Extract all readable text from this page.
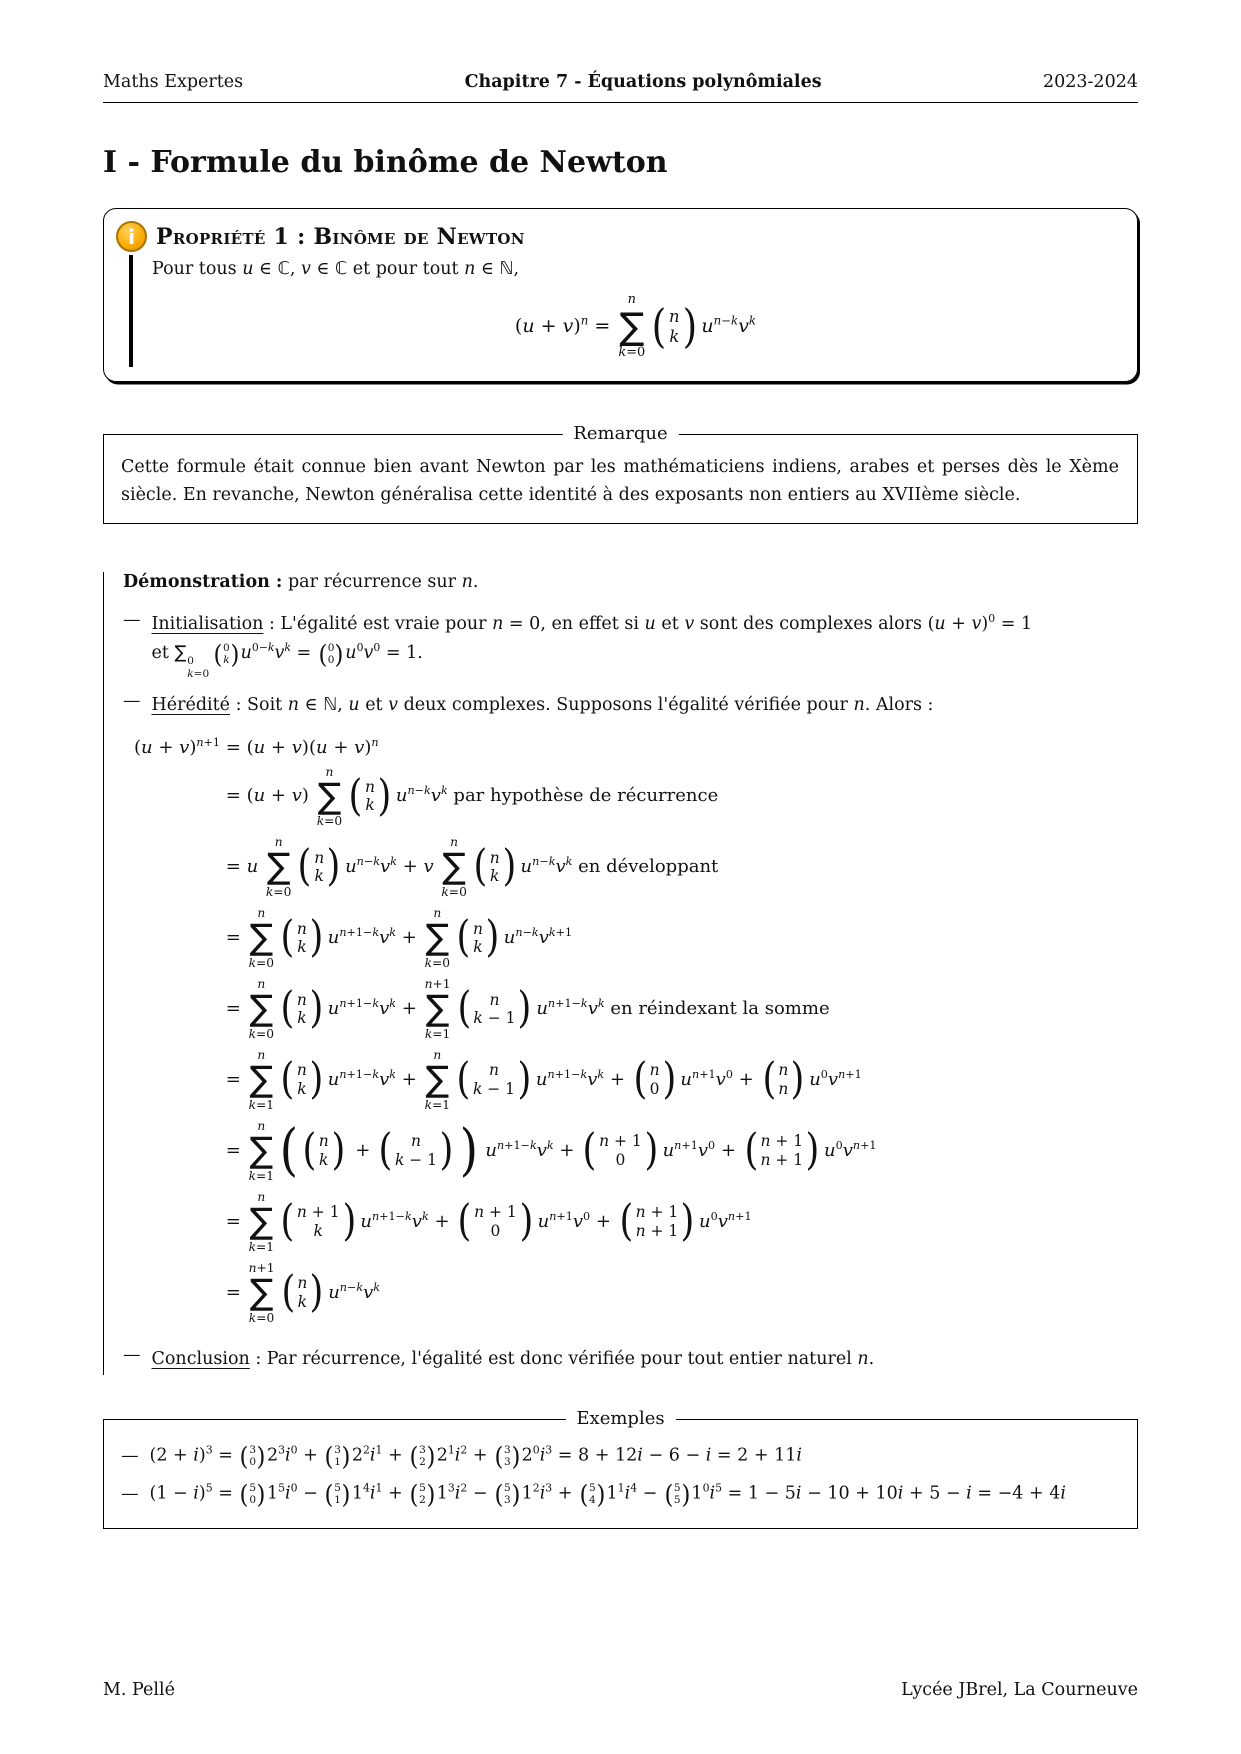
Maths Expertes	Chapitre 7 - Équations polynômiales	2023-2024
I - Formule du binôme de Newton
i Propriété 1 : Binôme de Newton
Pour tous u ∈ ℂ, v ∈ ℂ et pour tout n ∈ ℕ,
$(u + v)^n$ =
n
∑
k=0 ( n
k ) $u^{n-k}v^k$
Remarque
Cette formule était connue bien avant Newton par les mathématiciens indiens, arabes et perses dès le Xème siècle. En revanche, Newton généralisa cette identité à des exposants non entiers au XVIIème siècle.

Démonstration : par récurrence sur n.

— Initialisation : L'égalité est vraie pour n = 0, en effet si u et v sont des complexes alors $(u + v)^0 = 1$
et ∑ 0
k=0
( 0
k ) $u^{0-k}v^k$ = ( 0
0 ) $u^0v^0 = 1$.
— Hérédité : Soit n ∈ ℕ, u et v deux complexes. Supposons l'égalité vérifiée pour n. Alors :
$(u + v)^{n+1} = (u + v)(u + v)^n$
= (u + v)
n
∑
k=0
( n
k ) $u^{n-k}v^k$ par hypothèse de récurrence
= u
n
∑
k=0
( n
k ) $u^{n-k}v^k + v$
n
∑
k=0
( n
k ) $u^{n-k}v^k$ en développant
=
n
∑
k=0
( n
k ) $u^{n+1-k}v^k$ +
n
∑
k=0
( n
k ) $u^{n-k}v^{k+1}$
=
n
∑
k=0
( n
k ) $u^{n+1-k}v^k$ +
n+1
∑
k=1
( n
k − 1 ) $u^{n+1-k}v^k$ en réindexant la somme
=
n
∑
k=1
( n
k ) $u^{n+1-k}v^k$ +
n
∑
k=1
( n
k − 1 ) $u^{n+1-k}v^k$ + ( n
0 ) $u^{n+1}v^0$ + ( n
n ) $u^0v^{n+1}$
=
n
∑
k=1 ( ( n
k ) + ( n
k − 1 ) ) $u^{n+1-k}v^k$ + ( n + 1
0 ) $u^{n+1}v^0$ + ( n + 1
n + 1 ) $u^0v^{n+1}$
=
n
∑
k=1
( n + 1
k ) $u^{n+1-k}v^k$ + ( n + 1
0 ) $u^{n+1}v^0$ + ( n + 1
n + 1 ) $u^0v^{n+1}$
=
n+1
∑
k=0
( n
k ) $u^{n-k}v^k$
— Conclusion : Par récurrence, l'égalité est donc vérifiée pour tout entier naturel n.
Exemples
— $(2 + i)^3$ = ( 3
0 ) $2^3i^0$ + ( 3
1 ) $2^2i^1$ + ( 3
2 ) $2^1i^2$ + ( 3
3 ) $2^0i^3 = 8 + 12i - 6 - i = 2 + 11i$
— $(1 - i)^5$ = ( 5
0 ) $1^5i^0$ − ( 5
1 ) $1^4i^1$ + ( 5
2 ) $1^3i^2$ − ( 5
3 ) $1^2i^3$ + ( 5
4 ) $1^1i^4$ − ( 5
5 ) $1^0i^5 = 1 - 5i - 10 + 10i + 5 - i = -4 + 4i$
M. Pellé	Lycée JBrel, La Courneuve
